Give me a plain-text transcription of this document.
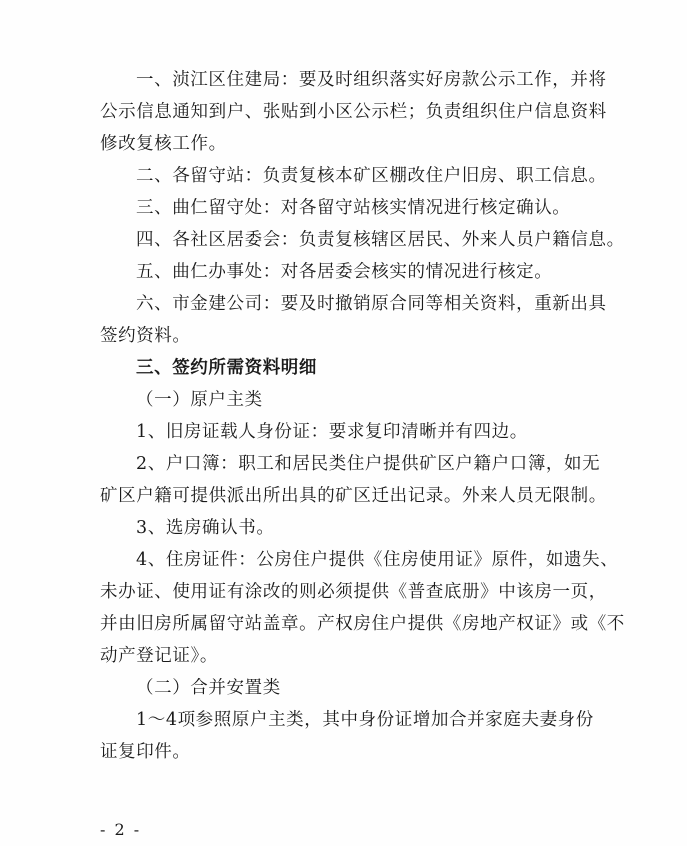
一、浈江区住建局：要及时组织落实好房款公示工作，并将
公示信息通知到户、张贴到小区公示栏；负责组织住户信息资料
修改复核工作。
二、各留守站：负责复核本矿区棚改住户旧房、职工信息。
三、曲仁留守处：对各留守站核实情况进行核定确认。
四、各社区居委会：负责复核辖区居民、外来人员户籍信息。
五、曲仁办事处：对各居委会核实的情况进行核定。
六、市金建公司：要及时撤销原合同等相关资料，重新出具
签约资料。
三、签约所需资料明细
（一）原户主类
1、旧房证载人身份证：要求复印清晰并有四边。
2、户口簿：职工和居民类住户提供矿区户籍户口簿，如无
矿区户籍可提供派出所出具的矿区迁出记录。外来人员无限制。
3、选房确认书。
4、住房证件：公房住户提供《住房使用证》原件，如遗失、
未办证、使用证有涂改的则必须提供《普查底册》中该房一页，
并由旧房所属留守站盖章。产权房住户提供《房地产权证》或《不
动产登记证》。
（二）合并安置类
1～4项参照原户主类，其中身份证增加合并家庭夫妻身份
证复印件。
- 2 -
